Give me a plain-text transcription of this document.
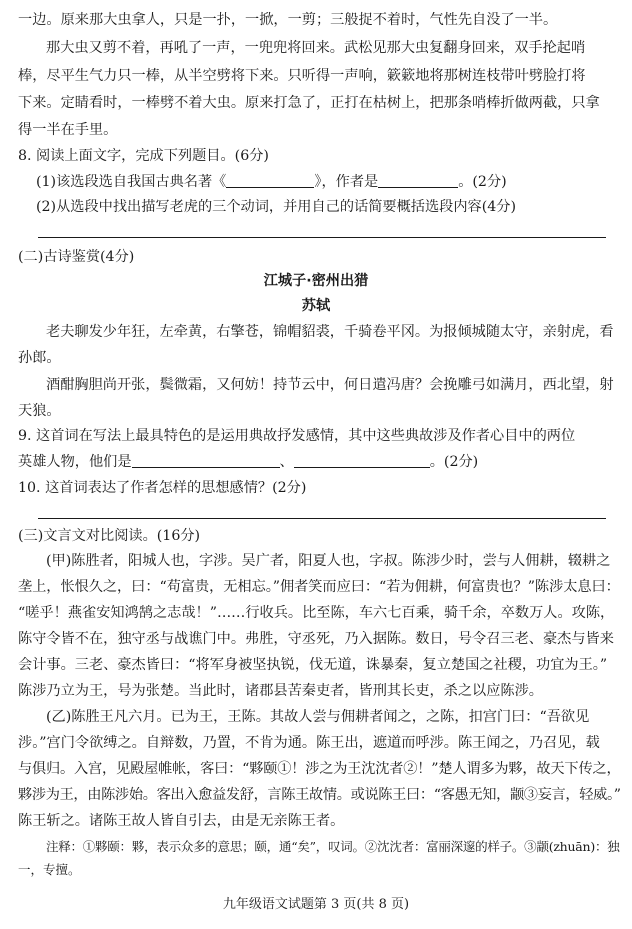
一边。原来那大虫拿人，只是一扑，一掀，一剪；三般捉不着时，气性先自没了一半。
那大虫又剪不着，再吼了一声，一兜兜将回来。武松见那大虫复翻身回来，双手抡起哨
棒，尽平生气力只一棒，从半空劈将下来。只听得一声响，簌簌地将那树连枝带叶劈脸打将
下来。定睛看时，一棒劈不着大虫。原来打急了，正打在枯树上，把那条哨棒折做两截，只拿
得一半在手里。
8. 阅读上面文字，完成下列题目。(6分)
(1)该选段选自我国古典名著《	》，作者是	。(2分)
(2)从选段中找出描写老虎的三个动词，并用自己的话简要概括选段内容(4分)
(二)古诗鉴赏(4分)
江城子·密州出猎
苏轼
老夫聊发少年狂，左牵黄，右擎苍，锦帽貂裘，千骑卷平冈。为报倾城随太守，亲射虎，看
孙郎。
酒酣胸胆尚开张，鬓微霜，又何妨！持节云中，何日遣冯唐？会挽雕弓如满月，西北望，射
天狼。
9. 这首词在写法上最具特色的是运用典故抒发感情，其中这些典故涉及作者心目中的两位
英雄人物，他们是	、	。(2分)
10. 这首词表达了作者怎样的思想感情？(2分)
(三)文言文对比阅读。(16分)
(甲)陈胜者，阳城人也，字涉。吴广者，阳夏人也，字叔。陈涉少时，尝与人佣耕，辍耕之
垄上，怅恨久之，曰：“苟富贵，无相忘。”佣者笑而应曰：“若为佣耕，何富贵也？”陈涉太息曰：
“嗟乎！燕雀安知鸿鹄之志哉！”……行收兵。比至陈，车六七百乘，骑千余，卒数万人。攻陈，
陈守令皆不在，独守丞与战谯门中。弗胜，守丞死，乃入据陈。数日，号令召三老、豪杰与皆来
会计事。三老、豪杰皆曰：“将军身被坚执锐，伐无道，诛暴秦，复立楚国之社稷，功宜为王。”
陈涉乃立为王，号为张楚。当此时，诸郡县苦秦吏者，皆刑其长吏，杀之以应陈涉。
(乙)陈胜王凡六月。已为王，王陈。其故人尝与佣耕者闻之，之陈，扣宫门曰：“吾欲见
涉。”宫门令欲缚之。自辩数，乃置，不肯为通。陈王出，遮道而呼涉。陈王闻之，乃召见，载
与俱归。入宫，见殿屋帷帐，客曰：“夥颐①！涉之为王沈沈者②！”楚人谓多为夥，故天下传之，
夥涉为王，由陈涉始。客出入愈益发舒，言陈王故情。或说陈王曰：“客愚无知，颛③妄言，轻威。”
陈王斩之。诸陈王故人皆自引去，由是无亲陈王者。
注释：①夥颐：夥，表示众多的意思；颐，通“矣”，叹词。②沈沈者：富丽深邃的样子。③颛(zhuān)：独
一，专擅。
九年级语文试题第 3 页(共 8 页)
